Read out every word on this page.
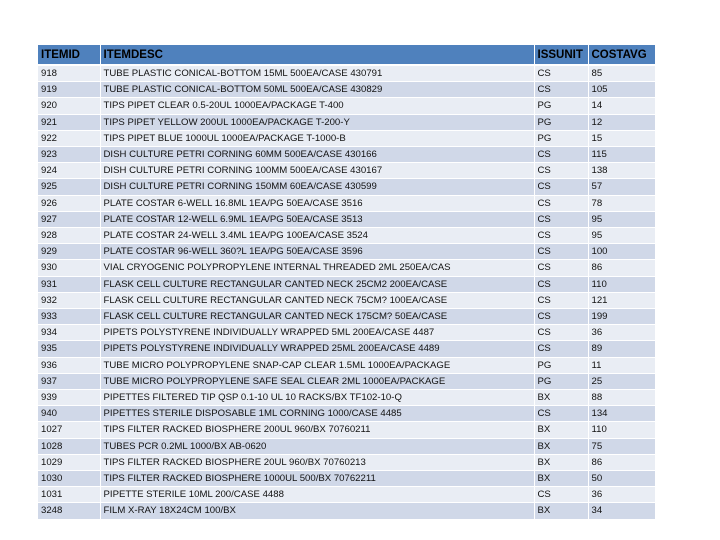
ITEMID	ITEMDESC	ISSUNIT	COSTAVG
918	TUBE PLASTIC CONICAL-BOTTOM 15ML 500EA/CASE 430791	CS	85
919	TUBE PLASTIC CONICAL-BOTTOM 50ML 500EA/CASE 430829	CS	105
920	TIPS PIPET CLEAR 0.5-20UL 1000EA/PACKAGE T-400	PG	14
921	TIPS PIPET YELLOW 200UL 1000EA/PACKAGE T-200-Y	PG	12
922	TIPS PIPET BLUE 1000UL 1000EA/PACKAGE T-1000-B	PG	15
923	DISH CULTURE PETRI CORNING 60MM 500EA/CASE 430166	CS	115
924	DISH CULTURE PETRI CORNING 100MM 500EA/CASE 430167	CS	138
925	DISH CULTURE PETRI CORNING 150MM 60EA/CASE 430599	CS	57
926	PLATE COSTAR 6-WELL 16.8ML 1EA/PG 50EA/CASE 3516	CS	78
927	PLATE COSTAR 12-WELL 6.9ML 1EA/PG 50EA/CASE 3513	CS	95
928	PLATE COSTAR 24-WELL 3.4ML 1EA/PG 100EA/CASE 3524	CS	95
929	PLATE COSTAR 96-WELL 360?L 1EA/PG 50EA/CASE 3596	CS	100
930	VIAL CRYOGENIC POLYPROPYLENE INTERNAL THREADED 2ML 250EA/CAS	CS	86
931	FLASK CELL CULTURE RECTANGULAR CANTED NECK 25CM2 200EA/CASE	CS	110
932	FLASK CELL CULTURE RECTANGULAR CANTED NECK 75CM? 100EA/CASE	CS	121
933	FLASK CELL CULTURE RECTANGULAR CANTED NECK 175CM? 50EA/CASE	CS	199
934	PIPETS POLYSTYRENE INDIVIDUALLY WRAPPED 5ML 200EA/CASE 4487	CS	36
935	PIPETS POLYSTYRENE INDIVIDUALLY WRAPPED 25ML 200EA/CASE 4489	CS	89
936	TUBE MICRO POLYPROPYLENE SNAP-CAP CLEAR 1.5ML 1000EA/PACKAGE	PG	11
937	TUBE MICRO POLYPROPYLENE SAFE SEAL CLEAR 2ML 1000EA/PACKAGE	PG	25
939	PIPETTES FILTERED TIP QSP 0.1-10 UL 10 RACKS/BX TF102-10-Q	BX	88
940	PIPETTES STERILE DISPOSABLE 1ML CORNING 1000/CASE 4485	CS	134
1027	TIPS FILTER RACKED BIOSPHERE 200UL 960/BX 70760211	BX	110
1028	TUBES PCR 0.2ML 1000/BX AB-0620	BX	75
1029	TIPS FILTER RACKED BIOSPHERE 20UL 960/BX 70760213	BX	86
1030	TIPS FILTER RACKED BIOSPHERE 1000UL 500/BX 70762211	BX	50
1031	PIPETTE STERILE 10ML 200/CASE 4488	CS	36
3248	FILM X-RAY 18X24CM 100/BX	BX	34
